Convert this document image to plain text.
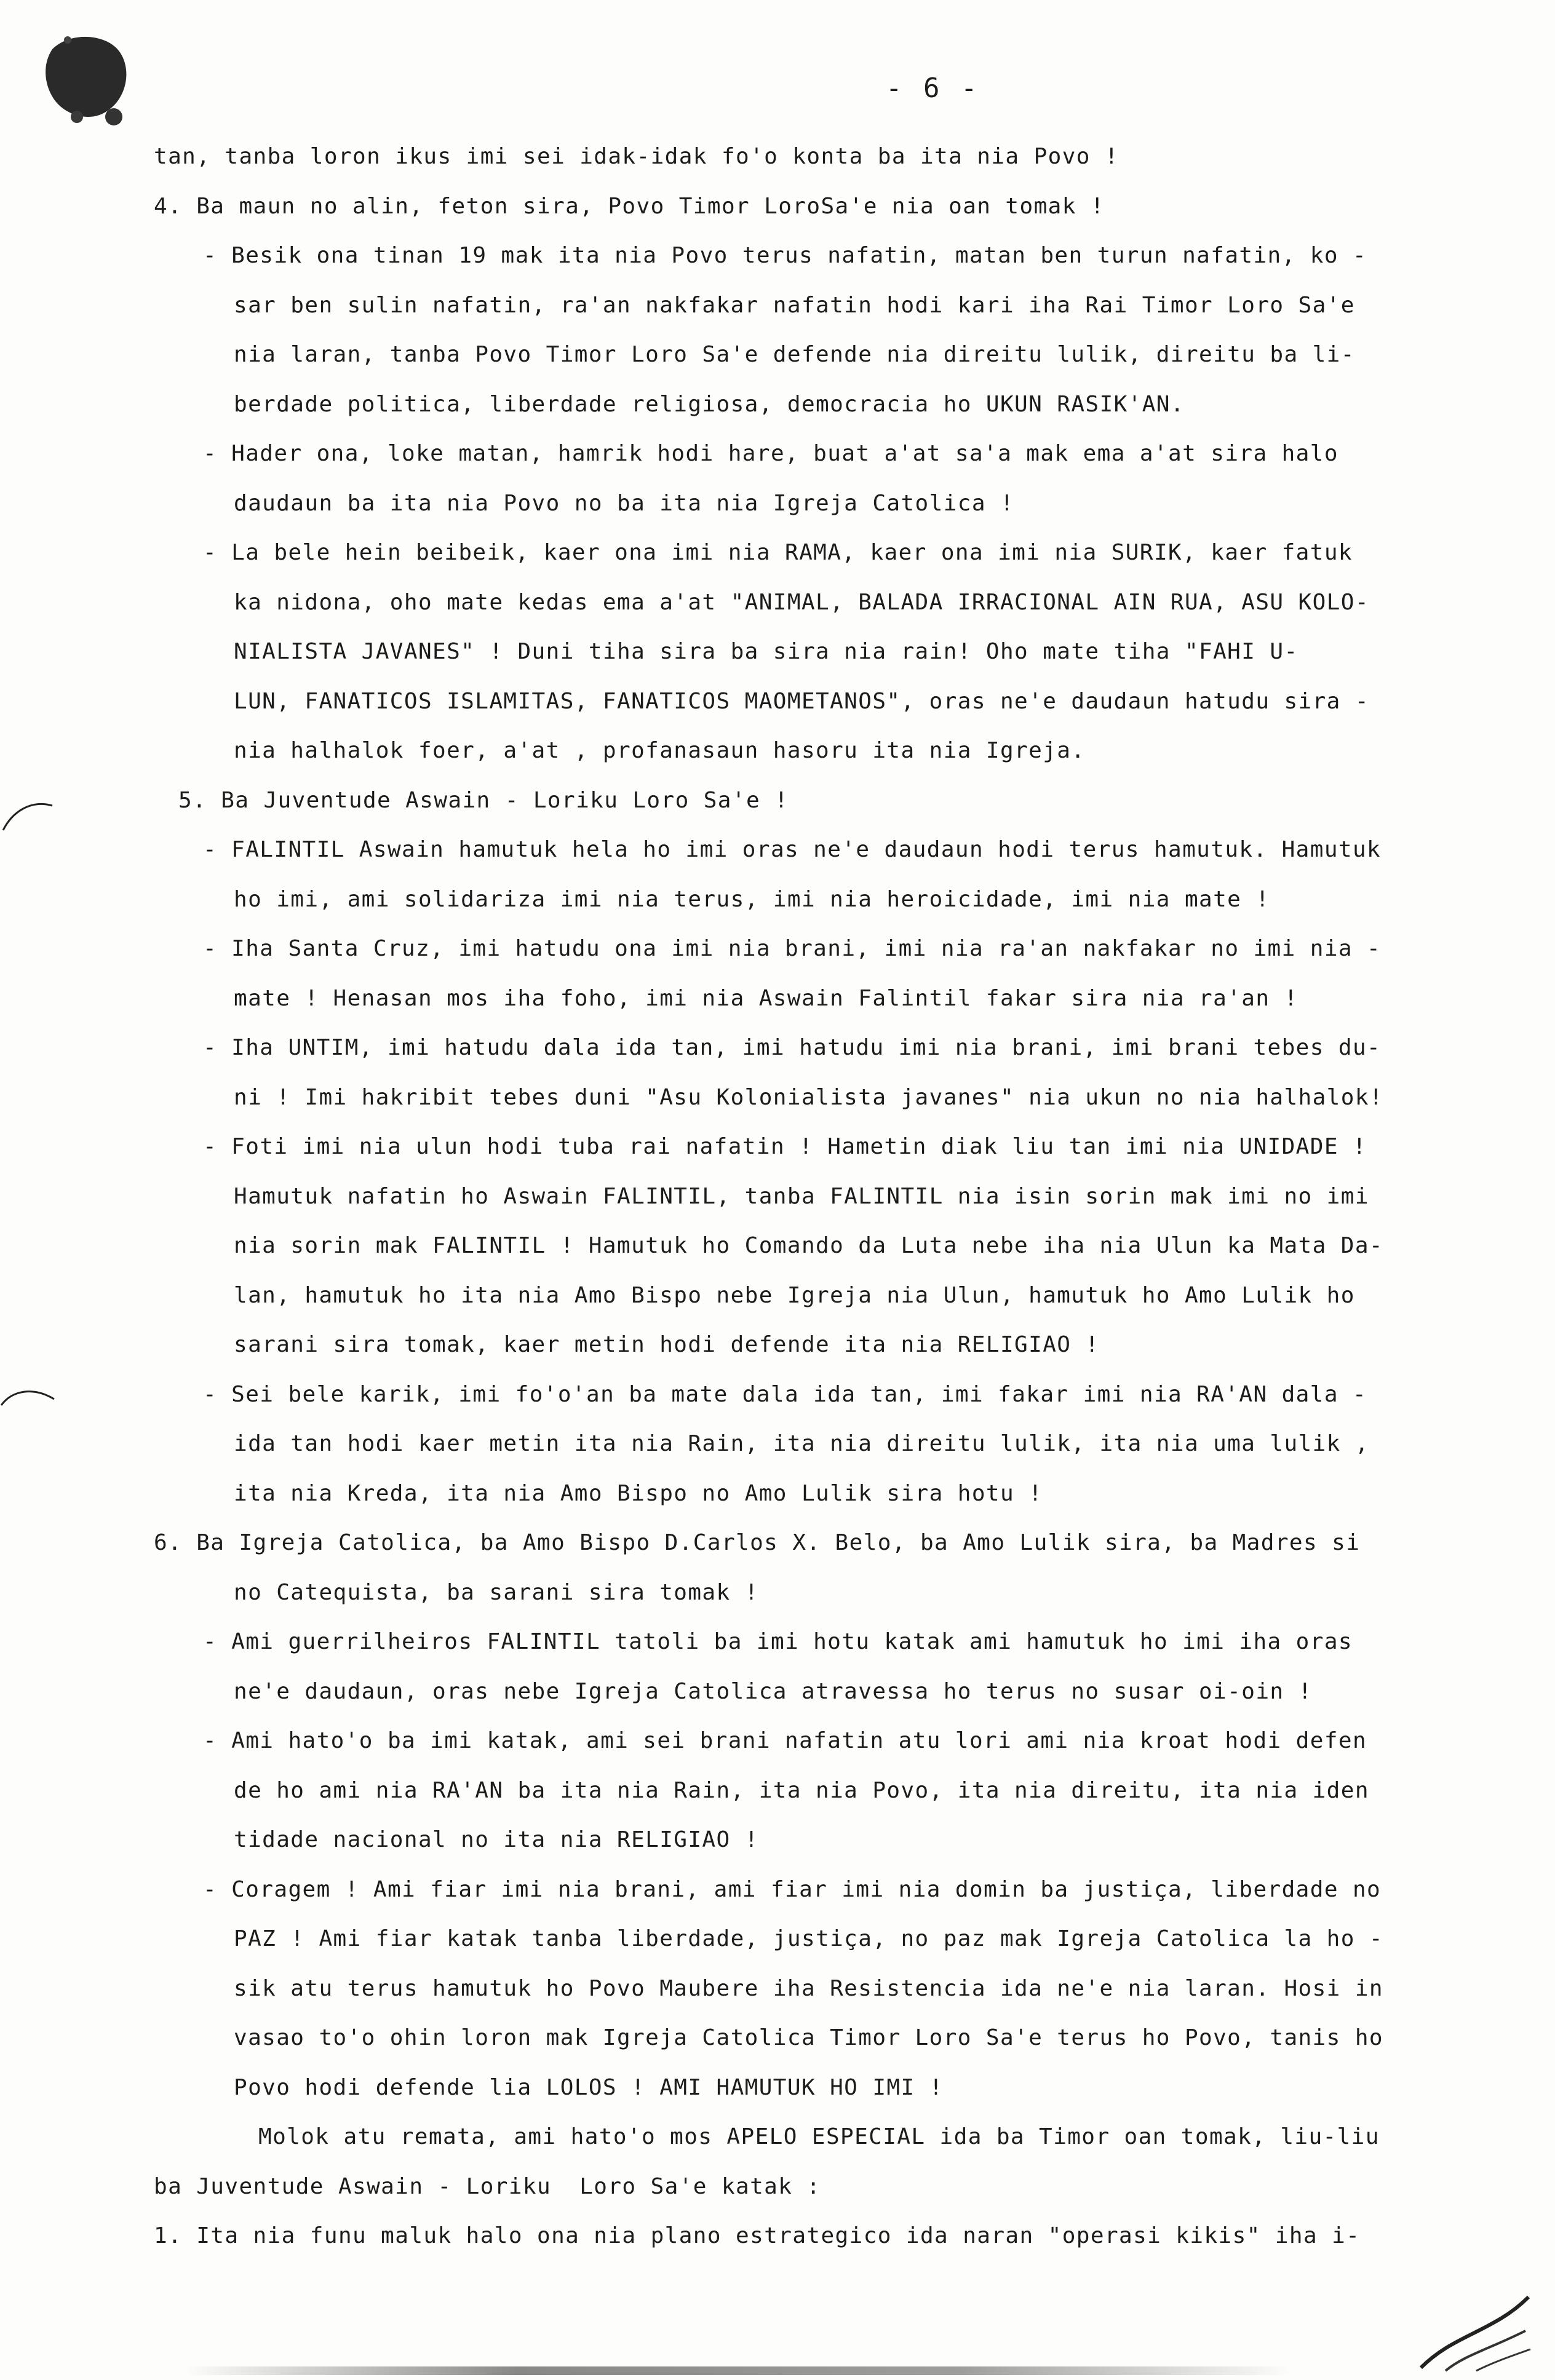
- 6 -
tan, tanba loron ikus imi sei idak-idak fo'o konta ba ita nia Povo !
4. Ba maun no alin, feton sira, Povo Timor LoroSa'e nia oan tomak !
- Besik ona tinan 19 mak ita nia Povo terus nafatin, matan ben turun nafatin, ko -
sar ben sulin nafatin, ra'an nakfakar nafatin hodi kari iha Rai Timor Loro Sa'e
nia laran, tanba Povo Timor Loro Sa'e defende nia direitu lulik, direitu ba li-
berdade politica, liberdade religiosa, democracia ho UKUN RASIK'AN.
- Hader ona, loke matan, hamrik hodi hare, buat a'at sa'a mak ema a'at sira halo
daudaun ba ita nia Povo no ba ita nia Igreja Catolica !
- La bele hein beibeik, kaer ona imi nia RAMA, kaer ona imi nia SURIK, kaer fatuk
ka nidona, oho mate kedas ema a'at "ANIMAL, BALADA IRRACIONAL AIN RUA, ASU KOLO-
NIALISTA JAVANES" ! Duni tiha sira ba sira nia rain! Oho mate tiha "FAHI U-
LUN, FANATICOS ISLAMITAS, FANATICOS MAOMETANOS", oras ne'e daudaun hatudu sira -
nia halhalok foer, a'at , profanasaun hasoru ita nia Igreja.
5. Ba Juventude Aswain - Loriku Loro Sa'e !
- FALINTIL Aswain hamutuk hela ho imi oras ne'e daudaun hodi terus hamutuk. Hamutuk
ho imi, ami solidariza imi nia terus, imi nia heroicidade, imi nia mate !
- Iha Santa Cruz, imi hatudu ona imi nia brani, imi nia ra'an nakfakar no imi nia -
mate ! Henasan mos iha foho, imi nia Aswain Falintil fakar sira nia ra'an !
- Iha UNTIM, imi hatudu dala ida tan, imi hatudu imi nia brani, imi brani tebes du-
ni ! Imi hakribit tebes duni "Asu Kolonialista javanes" nia ukun no nia halhalok!
- Foti imi nia ulun hodi tuba rai nafatin ! Hametin diak liu tan imi nia UNIDADE !
Hamutuk nafatin ho Aswain FALINTIL, tanba FALINTIL nia isin sorin mak imi no imi
nia sorin mak FALINTIL ! Hamutuk ho Comando da Luta nebe iha nia Ulun ka Mata Da-
lan, hamutuk ho ita nia Amo Bispo nebe Igreja nia Ulun, hamutuk ho Amo Lulik ho
sarani sira tomak, kaer metin hodi defende ita nia RELIGIAO !
- Sei bele karik, imi fo'o'an ba mate dala ida tan, imi fakar imi nia RA'AN dala -
ida tan hodi kaer metin ita nia Rain, ita nia direitu lulik, ita nia uma lulik ,
ita nia Kreda, ita nia Amo Bispo no Amo Lulik sira hotu !
6. Ba Igreja Catolica, ba Amo Bispo D.Carlos X. Belo, ba Amo Lulik sira, ba Madres si
no Catequista, ba sarani sira tomak !
- Ami guerrilheiros FALINTIL tatoli ba imi hotu katak ami hamutuk ho imi iha oras
ne'e daudaun, oras nebe Igreja Catolica atravessa ho terus no susar oi-oin !
- Ami hato'o ba imi katak, ami sei brani nafatin atu lori ami nia kroat hodi defen
de ho ami nia RA'AN ba ita nia Rain, ita nia Povo, ita nia direitu, ita nia iden
tidade nacional no ita nia RELIGIAO !
- Coragem ! Ami fiar imi nia brani, ami fiar imi nia domin ba justiça, liberdade no
PAZ ! Ami fiar katak tanba liberdade, justiça, no paz mak Igreja Catolica la ho -
sik atu terus hamutuk ho Povo Maubere iha Resistencia ida ne'e nia laran. Hosi in
vasao to'o ohin loron mak Igreja Catolica Timor Loro Sa'e terus ho Povo, tanis ho
Povo hodi defende lia LOLOS ! AMI HAMUTUK HO IMI !
Molok atu remata, ami hato'o mos APELO ESPECIAL ida ba Timor oan tomak, liu-liu
ba Juventude Aswain - Loriku  Loro Sa'e katak :
1. Ita nia funu maluk halo ona nia plano estrategico ida naran "operasi kikis" iha i-
